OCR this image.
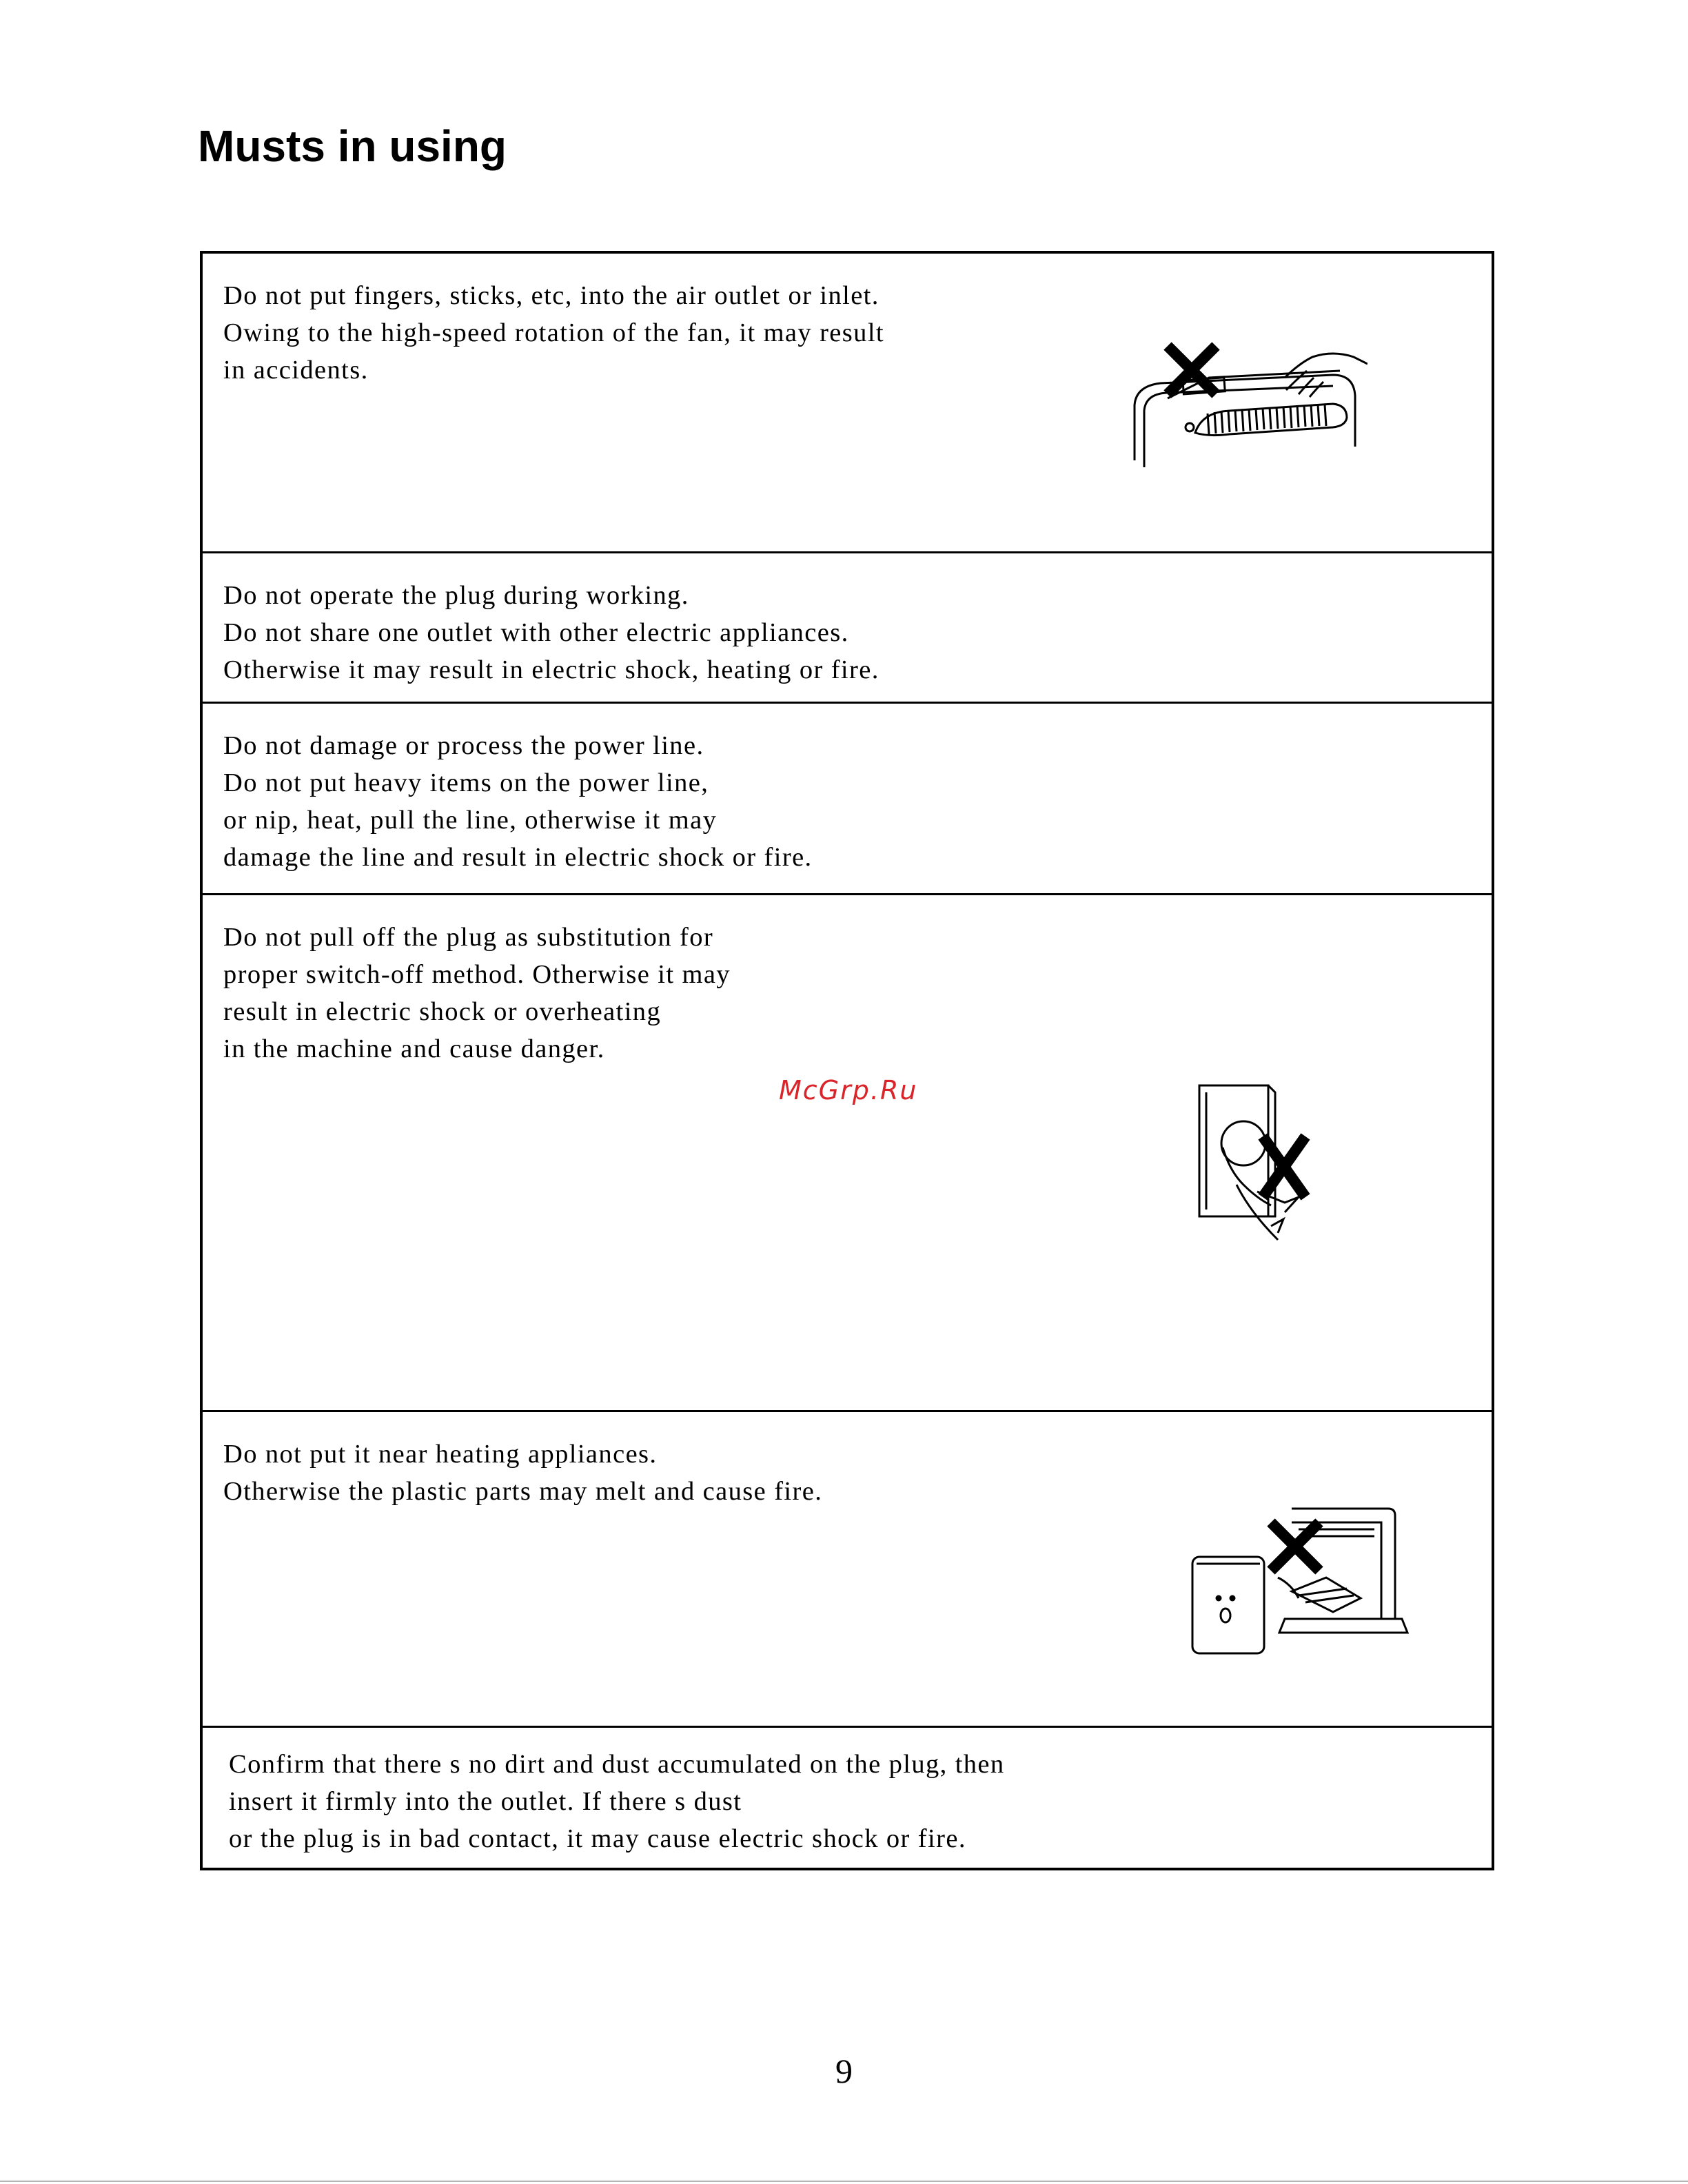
Musts in using

Do not put fingers, sticks, etc, into the air outlet or inlet.
Owing to the high-speed rotation of the fan, it may result
in accidents.

Do not operate the plug during working.
Do not share one outlet with other electric appliances.
Otherwise it may result in electric shock, heating or fire.

Do not damage or process the power line.
Do not put heavy items on the power line,
or nip, heat, pull the line, otherwise it may
damage the line and result in electric shock or fire.

Do not pull off the plug as substitution for
proper switch-off method. Otherwise it may
result in electric shock or overheating
in the machine and cause danger.

Do not put it near heating appliances.
Otherwise the plastic parts may melt and cause fire.

Confirm that there s no dirt and dust accumulated on the plug, then
insert it firmly into the outlet. If there s dust
or the plug is in bad contact, it may cause electric shock or fire.

McGrp.Ru
9
